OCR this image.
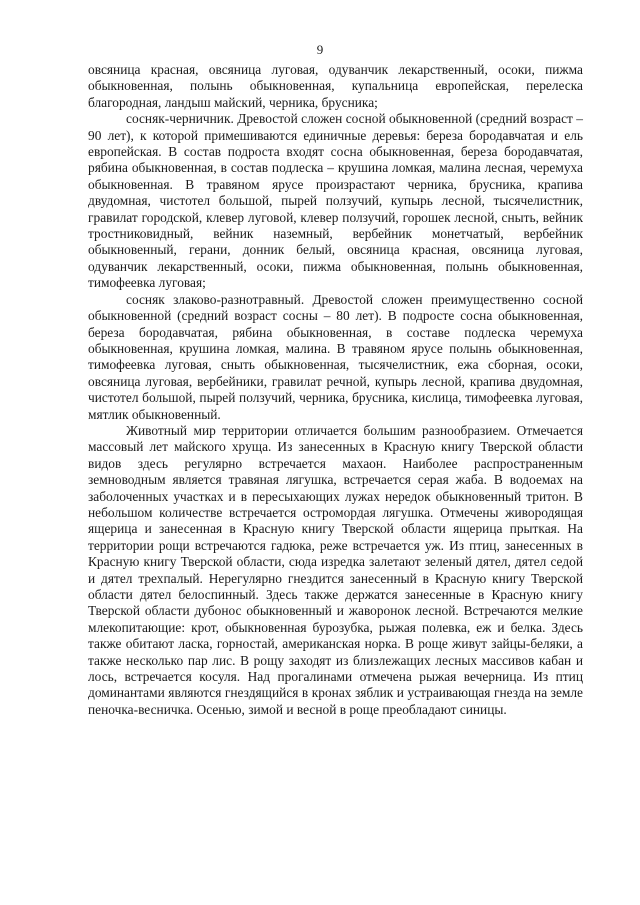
9

овсяница красная, овсяница луговая, одуванчик лекарственный, осоки, пижма обыкновенная, полынь обыкновенная, купальница европейская, перелеска благородная, ландыш майский, черника, брусника;

сосняк-черничник. Древостой сложен сосной обыкновенной (средний возраст – 90 лет), к которой примешиваются единичные деревья: береза бородавчатая и ель европейская. В состав подроста входят сосна обыкновенная, береза бородавчатая, рябина обыкновенная, в состав подлеска – крушина ломкая, малина лесная, черемуха обыкновенная. В травяном ярусе произрастают черника, брусника, крапива двудомная, чистотел большой, пырей ползучий, купырь лесной, тысячелистник, гравилат городской, клевер луговой, клевер ползучий, горошек лесной, сныть, вейник тростниковидный, вейник наземный, вербейник монетчатый, вербейник обыкновенный, герани, донник белый, овсяница красная, овсяница луговая, одуванчик лекарственный, осоки, пижма обыкновенная, полынь обыкновенная, тимофеевка луговая;

сосняк злаково-разнотравный. Древостой сложен преимущественно сосной обыкновенной (средний возраст сосны – 80 лет). В подросте сосна обыкновенная, береза бородавчатая, рябина обыкновенная, в составе подлеска черемуха обыкновенная, крушина ломкая, малина. В травяном ярусе полынь обыкновенная, тимофеевка луговая, сныть обыкновенная, тысячелистник, ежа сборная, осоки, овсяница луговая, вербейники, гравилат речной, купырь лесной, крапива двудомная, чистотел большой, пырей ползучий, черника, брусника, кислица, тимофеевка луговая, мятлик обыкновенный.

Животный мир территории отличается большим разнообразием. Отмечается массовый лет майского хруща. Из занесенных в Красную книгу Тверской области видов здесь регулярно встречается махаон. Наиболее распространенным земноводным является травяная лягушка, встречается серая жаба. В водоемах на заболоченных участках и в пересыхающих лужах нередок обыкновенный тритон. В небольшом количестве встречается остромордая лягушка. Отмечены живородящая ящерица и занесенная в Красную книгу Тверской области ящерица прыткая. На территории рощи встречаются гадюка, реже встречается уж. Из птиц, занесенных в Красную книгу Тверской области, сюда изредка залетают зеленый дятел, дятел седой и дятел трехпалый. Нерегулярно гнездится занесенный в Красную книгу Тверской области дятел белоспинный. Здесь также держатся занесенные в Красную книгу Тверской области дубонос обыкновенный и жаворонок лесной. Встречаются мелкие млекопитающие: крот, обыкновенная бурозубка, рыжая полевка, еж и белка. Здесь также обитают ласка, горностай, американская норка. В роще живут зайцы-беляки, а также несколько пар лис. В рощу заходят из близлежащих лесных массивов кабан и лось, встречается косуля. Над прогалинами отмечена рыжая вечерница. Из птиц доминантами являются гнездящийся в кронах зяблик и устраивающая гнезда на земле пеночка-весничка. Осенью, зимой и весной в роще преобладают синицы.
